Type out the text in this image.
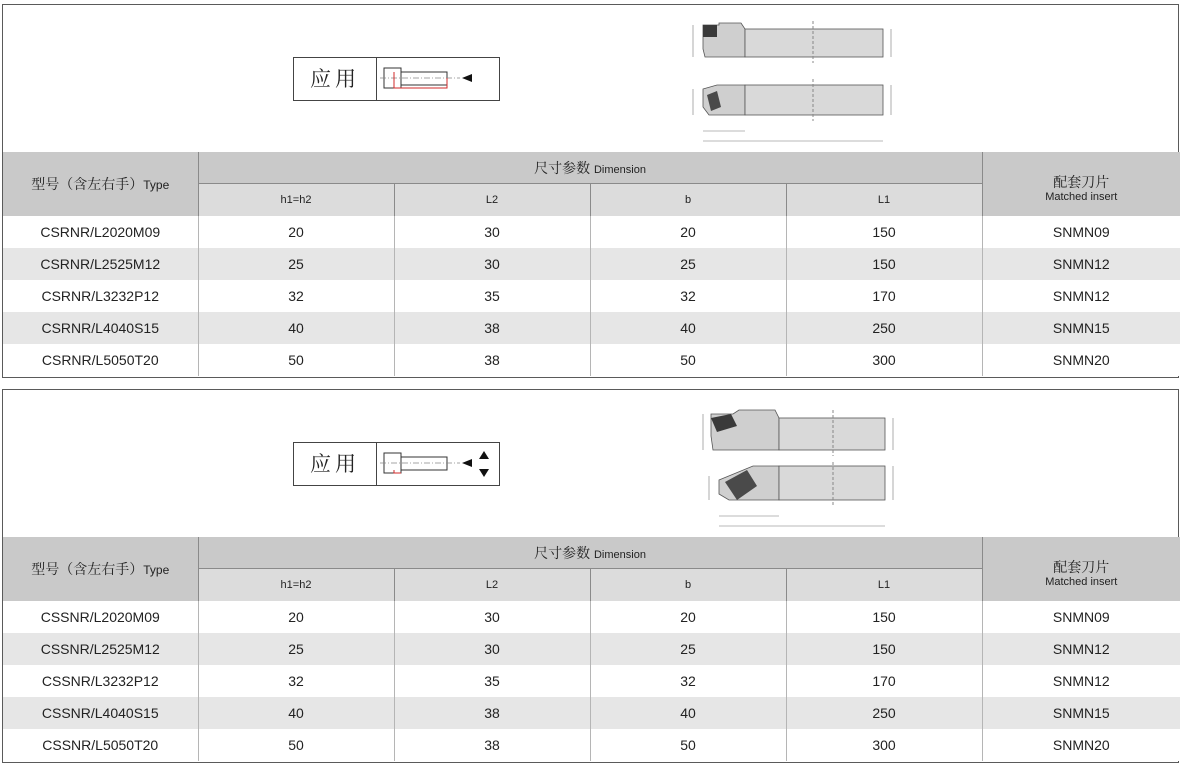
应用
型号（含左右手）Type	尺寸参数 Dimension				配套刀片
Matched insert

	h1=h2	L2	b	L1	
CSRNR/L2020M09	20	30	20	150	SNMN09
CSRNR/L2525M12	25	30	25	150	SNMN12
CSRNR/L3232P12	32	35	32	170	SNMN12
CSRNR/L4040S15	40	38	40	250	SNMN15
CSRNR/L5050T20	50	38	50	300	SNMN20
应用
型号（含左右手）Type	尺寸参数 Dimension				配套刀片
Matched insert

	h1=h2	L2	b	L1	
CSSNR/L2020M09	20	30	20	150	SNMN09
CSSNR/L2525M12	25	30	25	150	SNMN12
CSSNR/L3232P12	32	35	32	170	SNMN12
CSSNR/L4040S15	40	38	40	250	SNMN15
CSSNR/L5050T20	50	38	50	300	SNMN20
